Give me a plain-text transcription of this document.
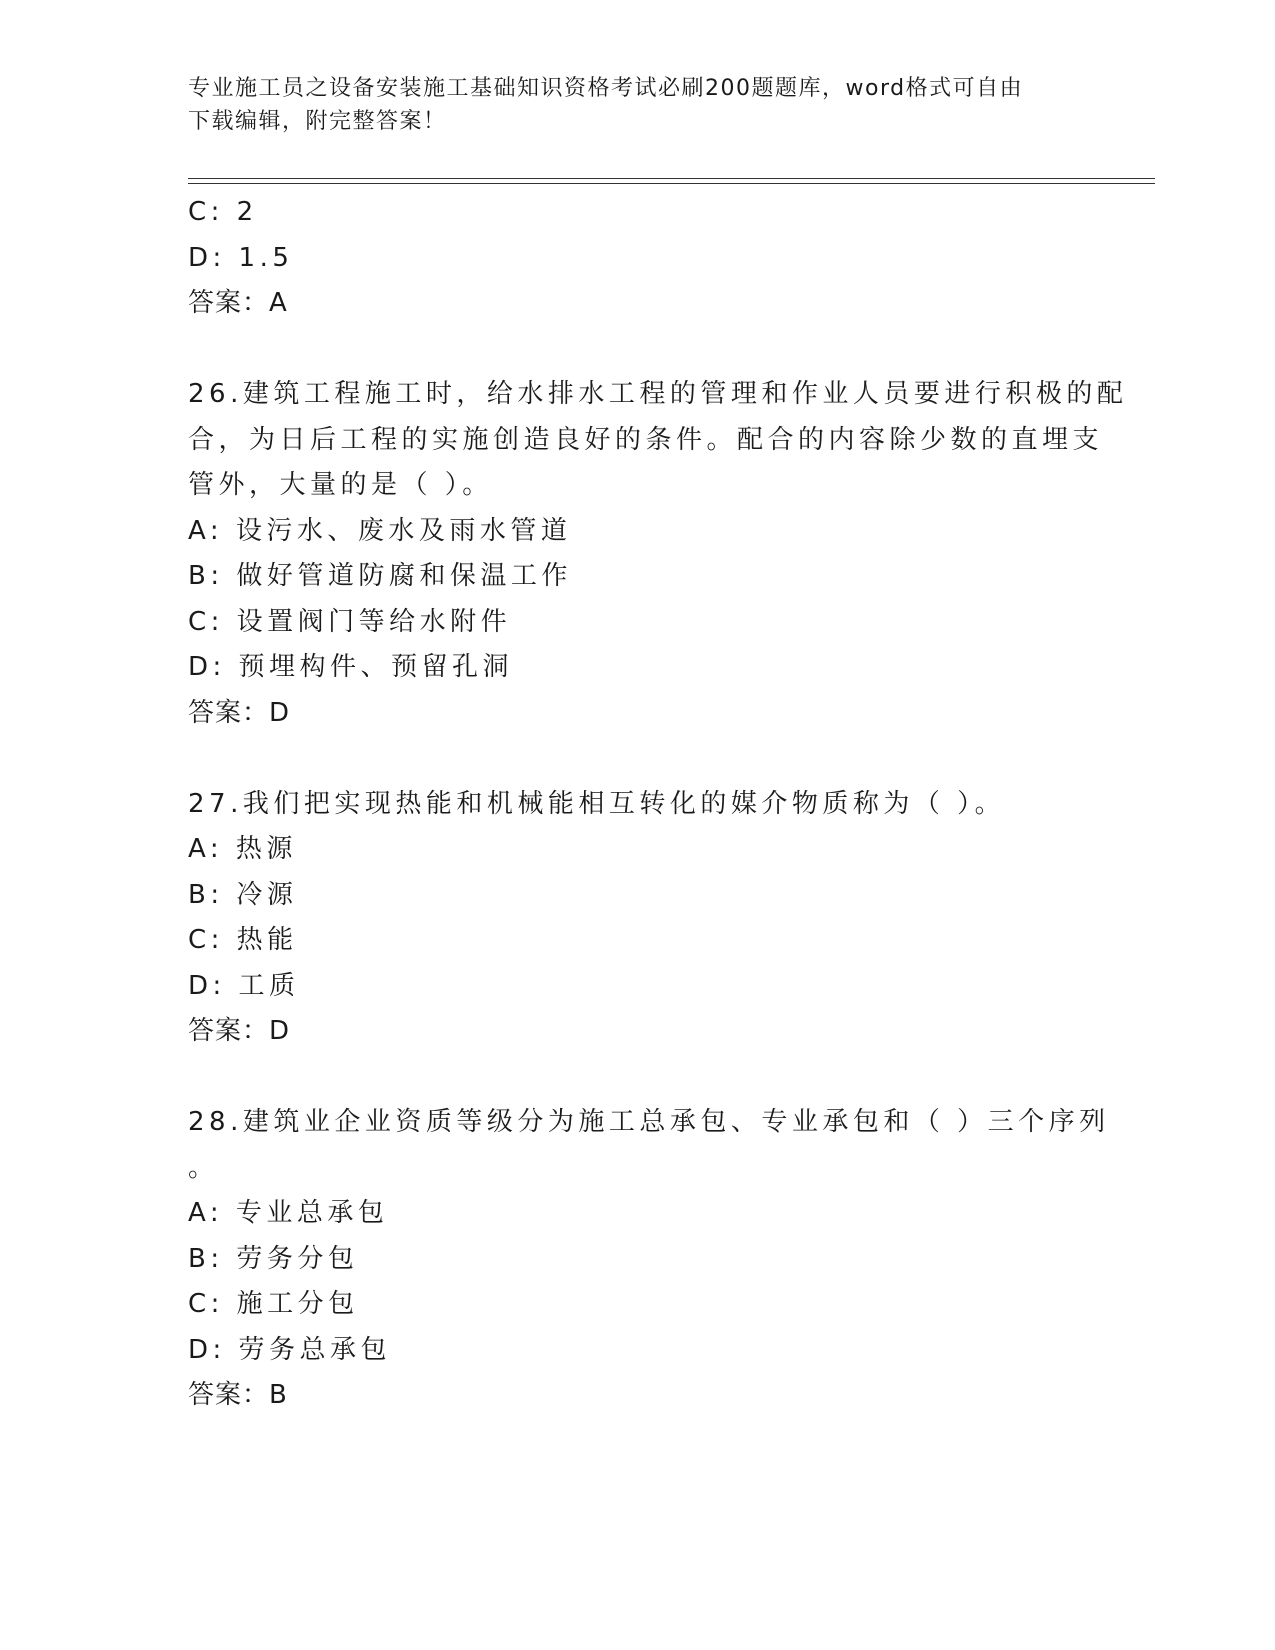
专业施工员之设备安装施工基础知识资格考试必刷200题题库，word格式可自由
下载编辑，附完整答案！
C: 2
D: 1.5
答案：A
26.建筑工程施工时，给水排水工程的管理和作业人员要进行积极的配
合，为日后工程的实施创造良好的条件。配合的内容除少数的直埋支
管外，大量的是（ ）。
A: 设污水、废水及雨水管道
B: 做好管道防腐和保温工作
C: 设置阀门等给水附件
D: 预埋构件、预留孔洞
答案：D
27.我们把实现热能和机械能相互转化的媒介物质称为（ ）。
A: 热源
B: 冷源
C: 热能
D: 工质
答案：D
28.建筑业企业资质等级分为施工总承包、专业承包和（ ）三个序列
。
A: 专业总承包
B: 劳务分包
C: 施工分包
D: 劳务总承包
答案：B
